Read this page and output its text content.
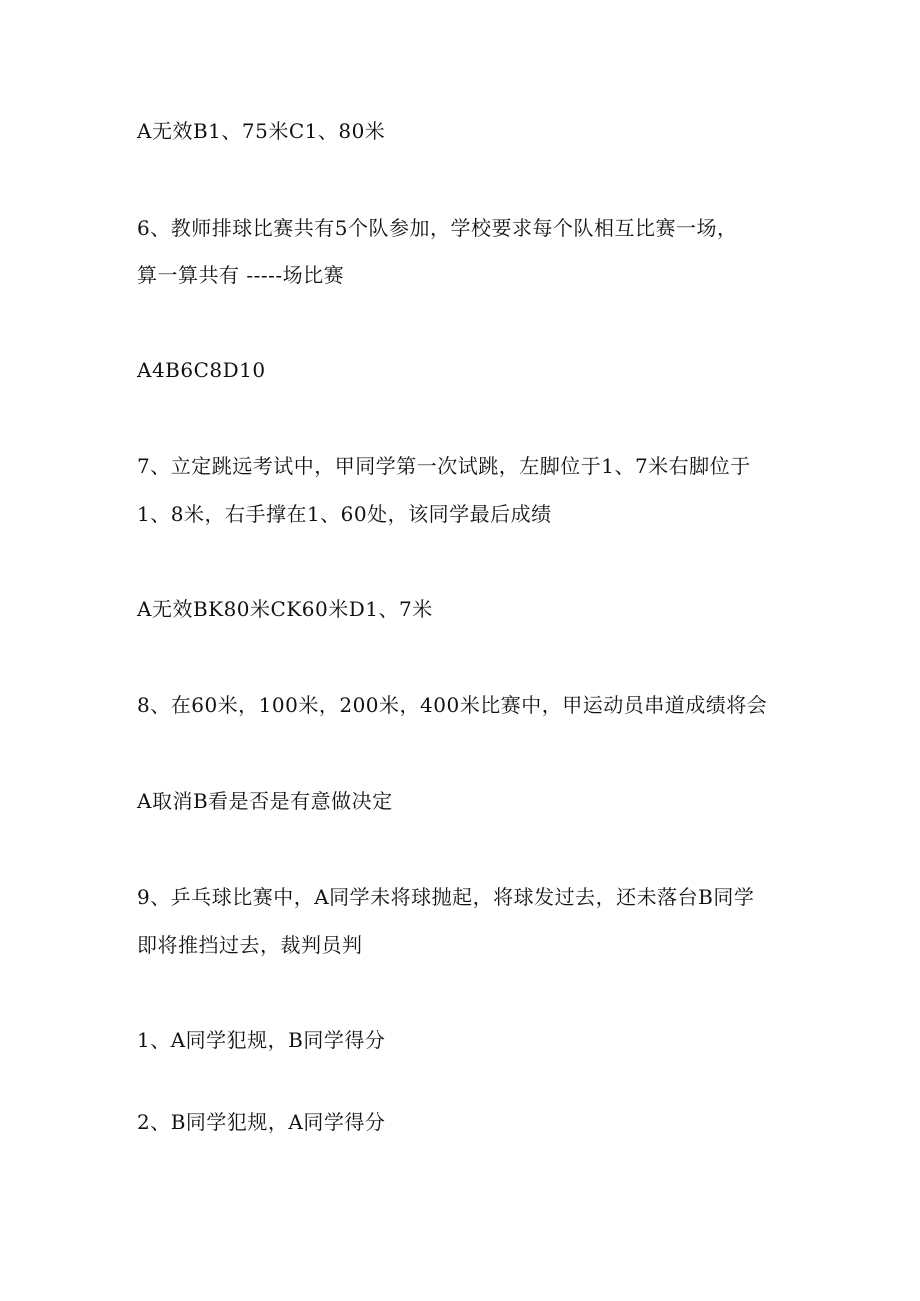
A无效B1、75米C1、80米
6、教师排球比赛共有5个队参加，学校要求每个队相互比赛一场，
算一算共有 -----场比赛
A4B6C8D10
7、立定跳远考试中，甲同学第一次试跳，左脚位于1、7米右脚位于
1、8米，右手撑在1、60处，该同学最后成绩
A无效BK80米CK60米D1、7米
8、在60米，100米，200米，400米比赛中，甲运动员串道成绩将会
A取消B看是否是有意做决定
9、乒乓球比赛中，A同学未将球抛起，将球发过去，还未落台B同学
即将推挡过去，裁判员判
1、A同学犯规，B同学得分
2、B同学犯规，A同学得分
